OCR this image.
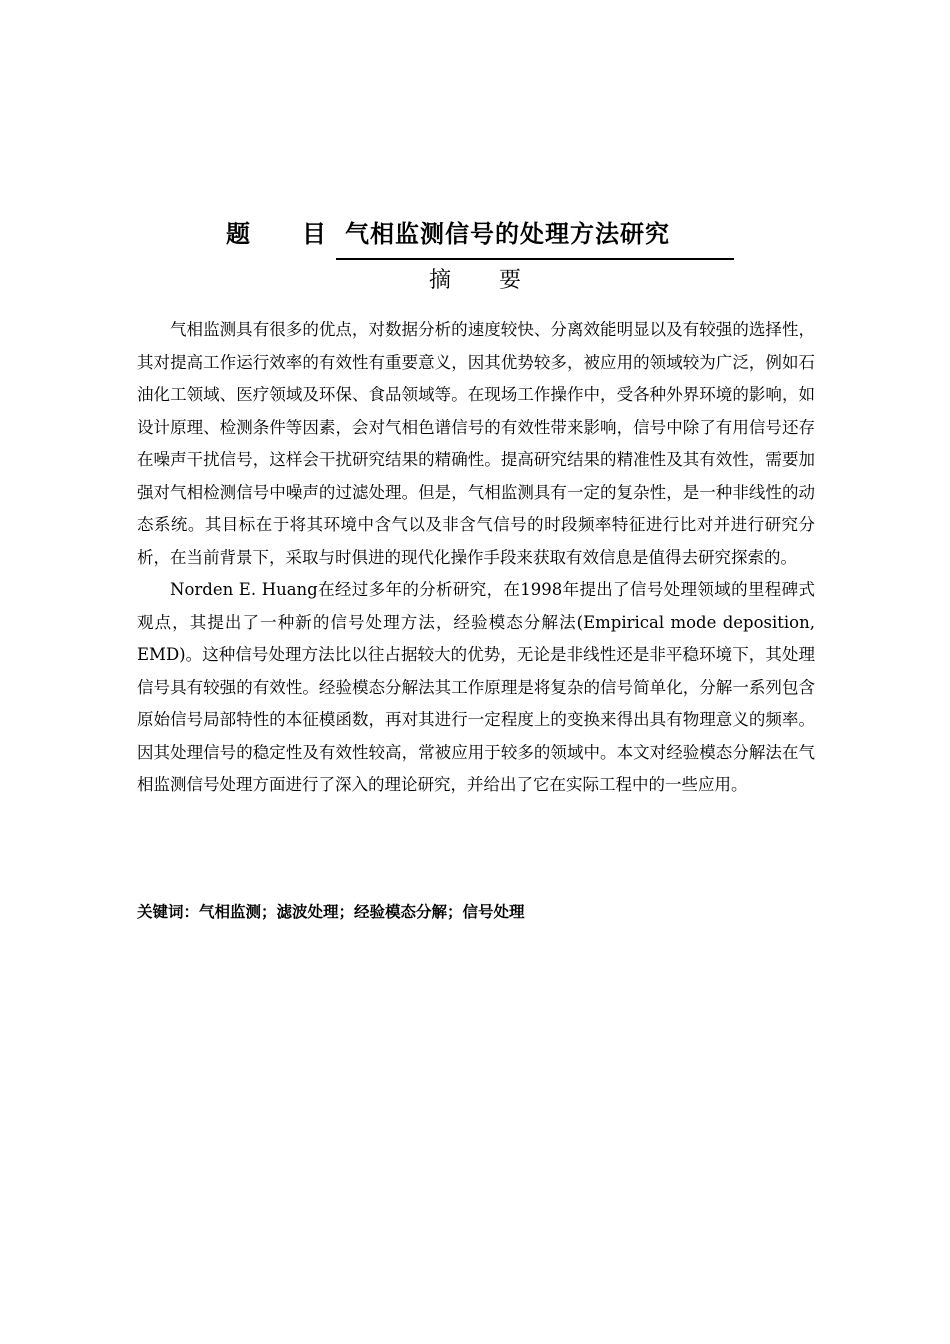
题目
气相监测信号的处理方法研究
摘要

气相监测具有很多的优点，对数据分析的速度较快、分离效能明显以及有较强的选择性，其对提高工作运行效率的有效性有重要意义，因其优势较多，被应用的领域较为广泛，例如石油化工领域、医疗领域及环保、食品领域等。在现场工作操作中，受各种外界环境的影响，如设计原理、检测条件等因素，会对气相色谱信号的有效性带来影响，信号中除了有用信号还存在噪声干扰信号，这样会干扰研究结果的精确性。提高研究结果的精准性及其有效性，需要加强对气相检测信号中噪声的过滤处理。但是，气相监测具有一定的复杂性，是一种非线性的动态系统。其目标在于将其环境中含气以及非含气信号的时段频率特征进行比对并进行研究分析，在当前背景下，采取与时俱进的现代化操作手段来获取有效信息是值得去研究探索的。

Norden E. Huang在经过多年的分析研究，在1998年提出了信号处理领域的里程碑式观点，其提出了一种新的信号处理方法，经验模态分解法(Empirical mode deposition, EMD)。这种信号处理方法比以往占据较大的优势，无论是非线性还是非平稳环境下，其处理信号具有较强的有效性。经验模态分解法其工作原理是将复杂的信号简单化，分解一系列包含原始信号局部特性的本征模函数，再对其进行一定程度上的变换来得出具有物理意义的频率。因其处理信号的稳定性及有效性较高，常被应用于较多的领域中。本文对经验模态分解法在气相监测信号处理方面进行了深入的理论研究，并给出了它在实际工程中的一些应用。

关键词：气相监测；滤波处理；经验模态分解；信号处理
